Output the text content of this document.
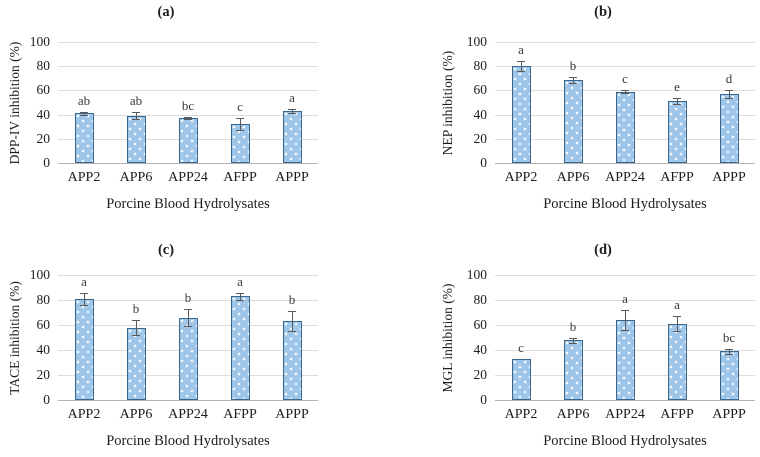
(a)
DPP-IV inhibition (%)	0
20
40
60
80
100
ab
APP2
ab
APP6
bc
APP24
c
AFPP
a
APPP
Porcine Blood Hydrolysates
(b)
NEP inhibition (%)
0
20
40
60
80
100
a
APP2
b
APP6
c
APP24
e
AFPP
d
APPP
Porcine Blood Hydrolysates
(c)
TACE inhibition (%)
0
20
40
60
80
100	a
APP2
b
APP6
b
APP24
a
AFPP
b
APPP
Porcine Blood Hydrolysates
(d)
MGL inhibition (%)
0
20
40
60
80
100
c
APP2
b
APP6
a
APP24
a
AFPP
bc
APPP
Porcine Blood Hydrolysates
